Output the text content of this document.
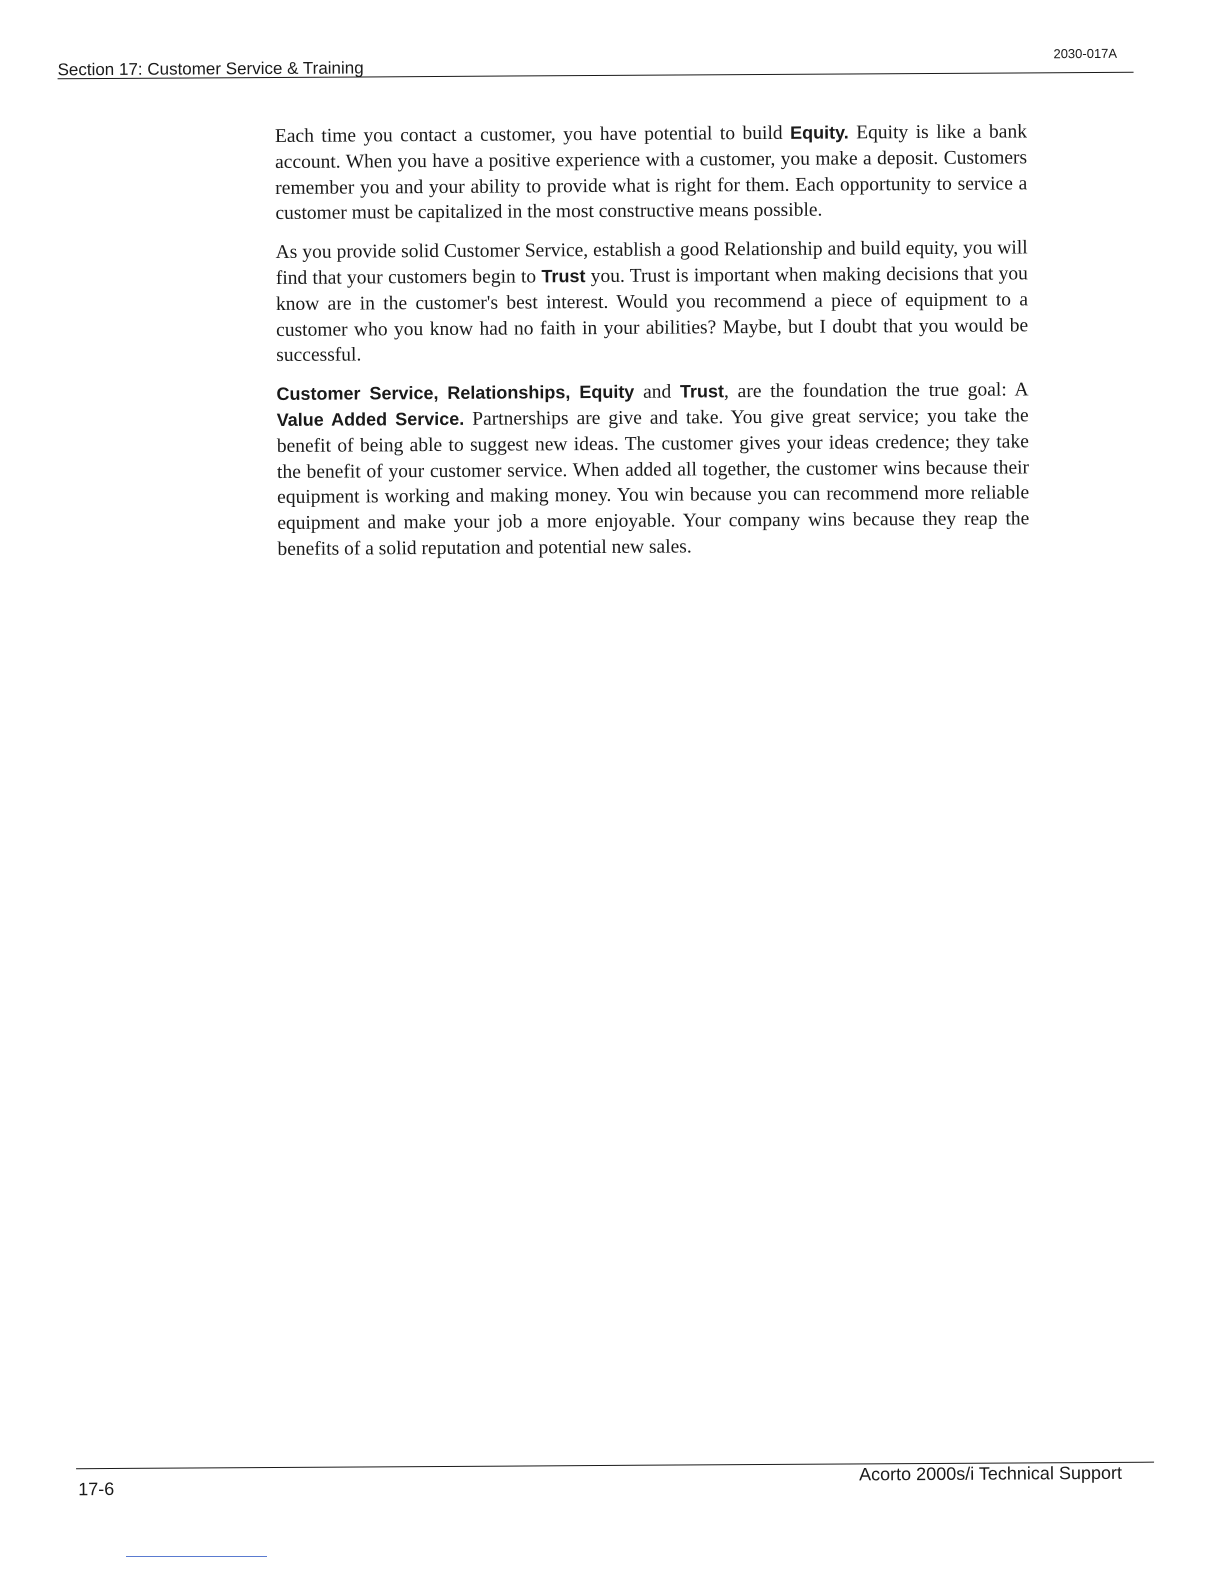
Section 17: Customer Service & Training
2030-017A

Each time you contact a customer, you have potential to build Equity. Equity is like a bank account. When you have a positive experience with a customer, you make a deposit. Customers remember you and your ability to provide what is right for them. Each opportunity to service a customer must be capitalized in the most constructive means possible.

As you provide solid Customer Service, establish a good Relationship and build equity, you will find that your customers begin to Trust you. Trust is important when making decisions that you know are in the customer's best interest. Would you recommend a piece of equipment to a customer who you know had no faith in your abilities? Maybe, but I doubt that you would be successful.

Customer Service, Relationships, Equity and Trust, are the foundation the true goal: A Value Added Service. Partnerships are give and take. You give great service; you take the benefit of being able to suggest new ideas. The customer gives your ideas credence; they take the benefit of your customer service. When added all together, the customer wins because their equipment is working and making money. You win because you can recommend more reliable equipment and make your job a more enjoyable. Your company wins because they reap the benefits of a solid reputation and potential new sales.

17-6
Acorto 2000s/i Technical Support
